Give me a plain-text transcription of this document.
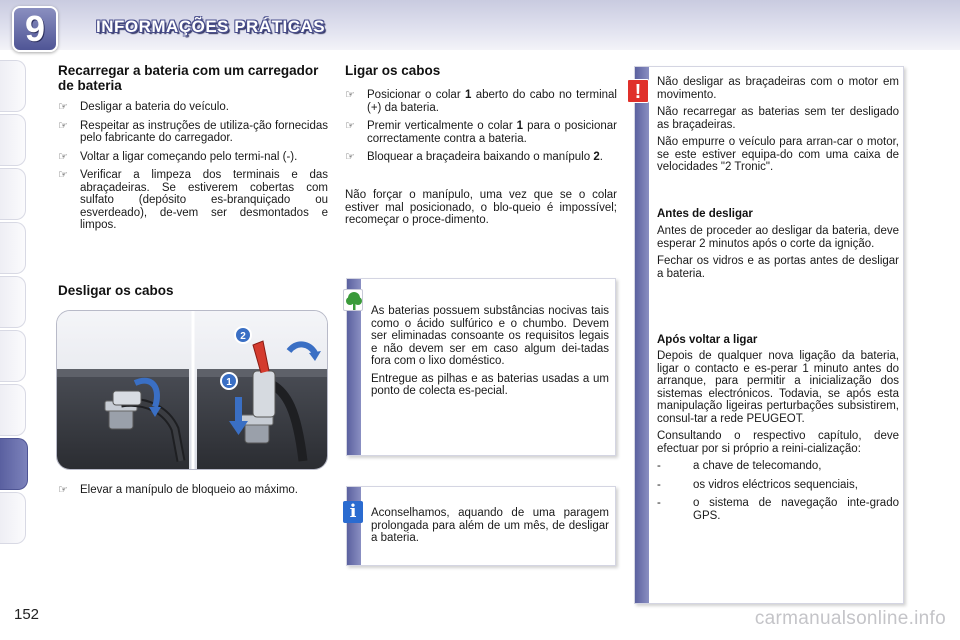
9	INFORMAÇÕES PRÁTICAS
Recarregar a bateria com um carregador de bateria
☞ Desligar a bateria do veículo.
☞ Respeitar as instruções de utiliza-ção fornecidas pelo fabricante do carregador.
☞ Voltar a ligar começando pelo termi-nal (-).
☞ Verificar a limpeza dos terminais e das abraçadeiras. Se estiverem cobertas com sulfato (depósito es-branquiçado ou esverdeado), de-vem ser desmontados e limpos.
Desligar os cabos
1
2
☞ Elevar a manípulo de bloqueio ao máximo.
Ligar os cabos
☞ Posicionar o colar 1 aberto do cabo no terminal (+) da bateria.
☞ Premir verticalmente o colar 1 para o posicionar correctamente contra a bateria.
☞ Bloquear a braçadeira baixando o manípulo 2.

Não forçar o manípulo, uma vez que se o colar estiver mal posicionado, o blo-queio é impossível; recomeçar o proce-dimento.

As baterias possuem substâncias nocivas tais como o ácido sulfúrico e o chumbo. Devem ser eliminadas consoante os requisitos legais e não devem ser em caso algum dei-tadas fora com o lixo doméstico.

Entregue as pilhas e as baterias usadas a um ponto de colecta es-pecial.

i	Aconselhamos, aquando de uma paragem prolongada para além de um mês, de desligar a bateria.

!	Não desligar as braçadeiras com o motor em movimento.

Não recarregar as baterias sem ter desligado as braçadeiras.

Não empurre o veículo para arran-car o motor, se este estiver equipa-do com uma caixa de velocidades "2 Tronic".

Antes de desligar

Antes de proceder ao desligar da bateria, deve esperar 2 minutos após o corte da ignição.

Fechar os vidros e as portas antes de desligar a bateria.

Após voltar a ligar

Depois de qualquer nova ligação da bateria, ligar o contacto e es-perar 1 minuto antes do arranque, para permitir a inicialização dos sistemas electrónicos. Todavia, se após esta manipulação ligeiras perturbações subsistirem, consul-tar a rede PEUGEOT.

Consultando o respectivo capítulo, deve efectuar por si próprio a reini-cialização:

-	a chave de telecomando,
-	os vidros eléctricos sequenciais,
-	o sistema de navegação inte-grado GPS.
152	carmanualsonline.info
